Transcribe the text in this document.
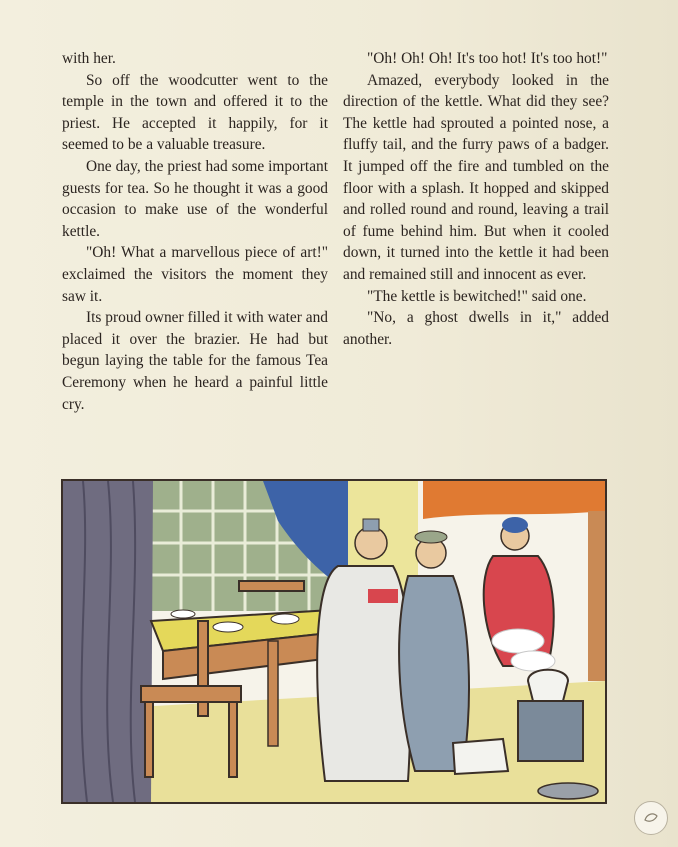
with her.

So off the woodcutter went to the temple in the town and offered it to the priest. He accepted it happily, for it seemed to be a valuable treasure.

One day, the priest had some important guests for tea. So he thought it was a good occasion to make use of the wonderful kettle.

"Oh! What a marvellous piece of art!" exclaimed the visitors the moment they saw it.

Its proud owner filled it with water and placed it over the brazier. He had but begun laying the table for the famous Tea Ceremony when he heard a painful little cry.

"Oh! Oh! Oh! It's too hot! It's too hot!"

Amazed, everybody looked in the direction of the kettle. What did they see? The kettle had sprouted a pointed nose, a fluffy tail, and the furry paws of a badger. It jumped off the fire and tumbled on the floor with a splash. It hopped and skipped and rolled round and round, leaving a trail of fume behind him. But when it cooled down, it turned into the kettle it had been and remained still and innocent as ever.

"The kettle is bewitched!" said one.

"No, a ghost dwells in it," added another.
